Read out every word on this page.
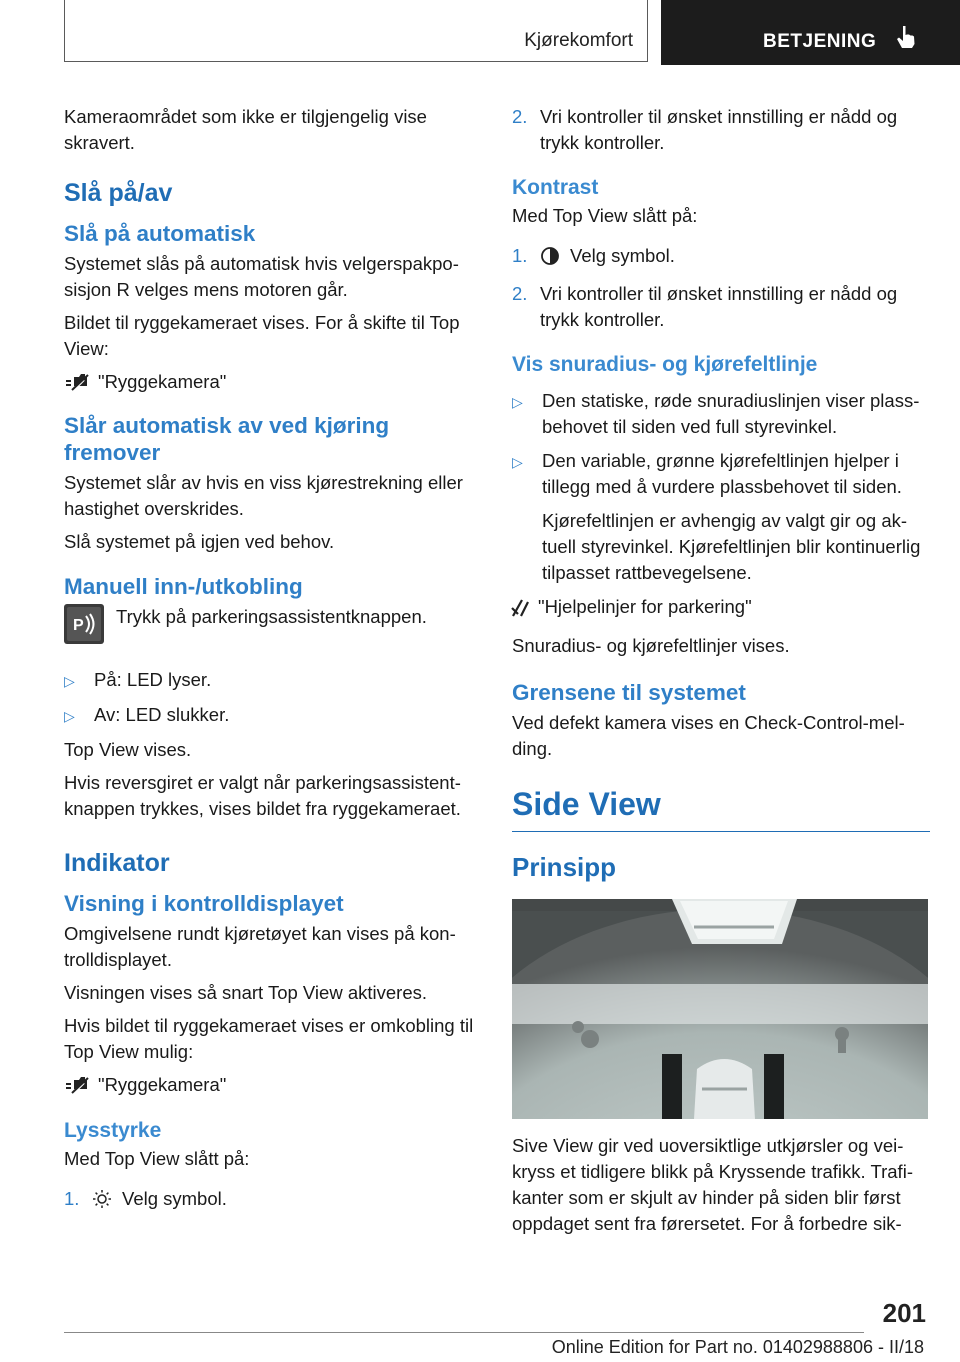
Kjørekomfort	BETJENING

Kameraområdet som ikke er tilgjengelig vise skravert.

Slå på/av
Slå på automatisk

Systemet slås på automatisk hvis velgerspakposisjon R velges mens motoren går.

Bildet til ryggekameraet vises. For å skifte til Top View:

"Ryggekamera"
Slår automatisk av ved kjøring fremover

Systemet slår av hvis en viss kjørestrekning eller hastighet overskrides.

Slå systemet på igjen ved behov.

Manuell inn-/utkobling
P Trykk på parkeringsassistentknappen.
▷	På: LED lyser.
▷	Av: LED slukker.

Top View vises.

Hvis reversgiret er valgt når parkeringsassistentknappen trykkes, vises bildet fra ryggekameraet.

Indikator
Visning i kontrolldisplayet

Omgivelsene rundt kjøretøyet kan vises på kontrolldisplayet.

Visningen vises så snart Top View aktiveres.

Hvis bildet til ryggekameraet vises er omkobling til Top View mulig:

"Ryggekamera"
Lysstyrke

Med Top View slått på:

1.	Velg symbol.
2. Vri kontroller til ønsket innstilling er nådd og trykk kontroller.
Kontrast

Med Top View slått på:

1.	Velg symbol.
2. Vri kontroller til ønsket innstilling er nådd og trykk kontroller.
Vis snuradius- og kjørefeltlinje
▷	Den statiske, røde snuradiuslinjen viser plassbehovet til siden ved full styrevinkel.
▷	Den variable, grønne kjørefeltlinjen hjelper i tillegg med å vurdere plassbehovet til siden.
Kjørefeltlinjen er avhengig av valgt gir og aktuell styrevinkel. Kjørefeltlinjen blir kontinuerlig tilpasset rattbevegelsene.
"Hjelpelinjer for parkering"

Snuradius- og kjørefeltlinjer vises.

Grensene til systemet

Ved defekt kamera vises en Check-Control-melding.

Side View
Prinsipp

Sive View gir ved uoversiktlige utkjørsler og veikryss et tidligere blikk på Kryssende trafikk. Trafikanter som er skjult av hinder på siden blir først oppdaget sent fra førersetet. For å forbedre sik-

201
Online Edition for Part no. 01402988806 - II/18
